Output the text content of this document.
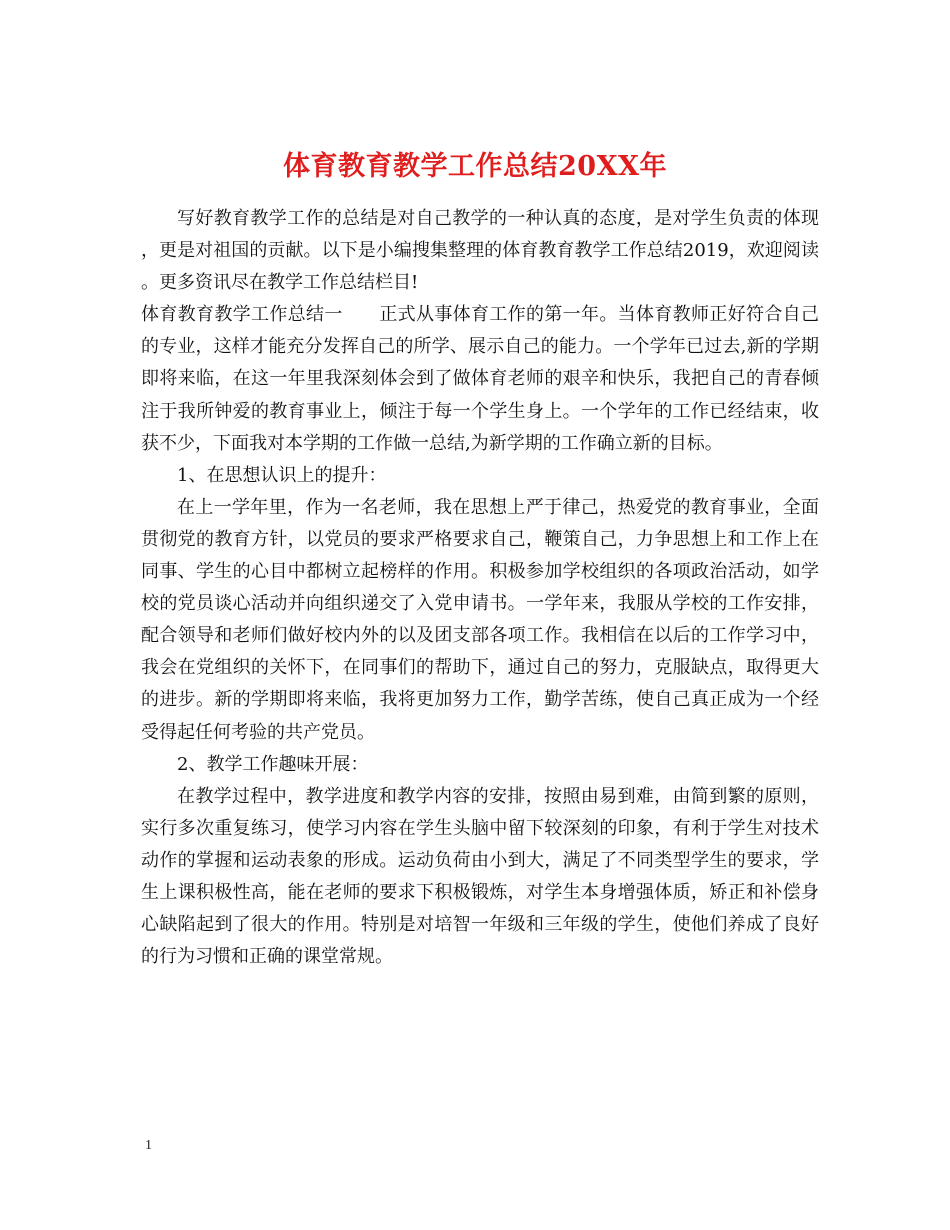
体育教育教学工作总结20XX年

写好教育教学工作的总结是对自己教学的一种认真的态度，是对学生负责的体现，更是对祖国的贡献。以下是小编搜集整理的体育教育教学工作总结2019，欢迎阅读。更多资讯尽在教学工作总结栏目!

体育教育教学工作总结一　　正式从事体育工作的第一年。当体育教师正好符合自己的专业，这样才能充分发挥自己的所学、展示自己的能力。一个学年已过去,新的学期即将来临，在这一年里我深刻体会到了做体育老师的艰辛和快乐，我把自己的青春倾注于我所钟爱的教育事业上，倾注于每一个学生身上。一个学年的工作已经结束，收获不少，下面我对本学期的工作做一总结,为新学期的工作确立新的目标。

1、在思想认识上的提升：

在上一学年里，作为一名老师，我在思想上严于律己，热爱党的教育事业，全面贯彻党的教育方针，以党员的要求严格要求自己，鞭策自己，力争思想上和工作上在同事、学生的心目中都树立起榜样的作用。积极参加学校组织的各项政治活动，如学校的党员谈心活动并向组织递交了入党申请书。一学年来，我服从学校的工作安排，配合领导和老师们做好校内外的以及团支部各项工作。我相信在以后的工作学习中，我会在党组织的关怀下，在同事们的帮助下，通过自己的努力，克服缺点，取得更大的进步。新的学期即将来临，我将更加努力工作，勤学苦练，使自己真正成为一个经受得起任何考验的共产党员。

2、教学工作趣味开展：

在教学过程中，教学进度和教学内容的安排，按照由易到难，由简到繁的原则，实行多次重复练习，使学习内容在学生头脑中留下较深刻的印象，有利于学生对技术动作的掌握和运动表象的形成。运动负荷由小到大，满足了不同类型学生的要求，学生上课积极性高，能在老师的要求下积极锻炼，对学生本身增强体质，矫正和补偿身心缺陷起到了很大的作用。特别是对培智一年级和三年级的学生，使他们养成了良好的行为习惯和正确的课堂常规。

1
